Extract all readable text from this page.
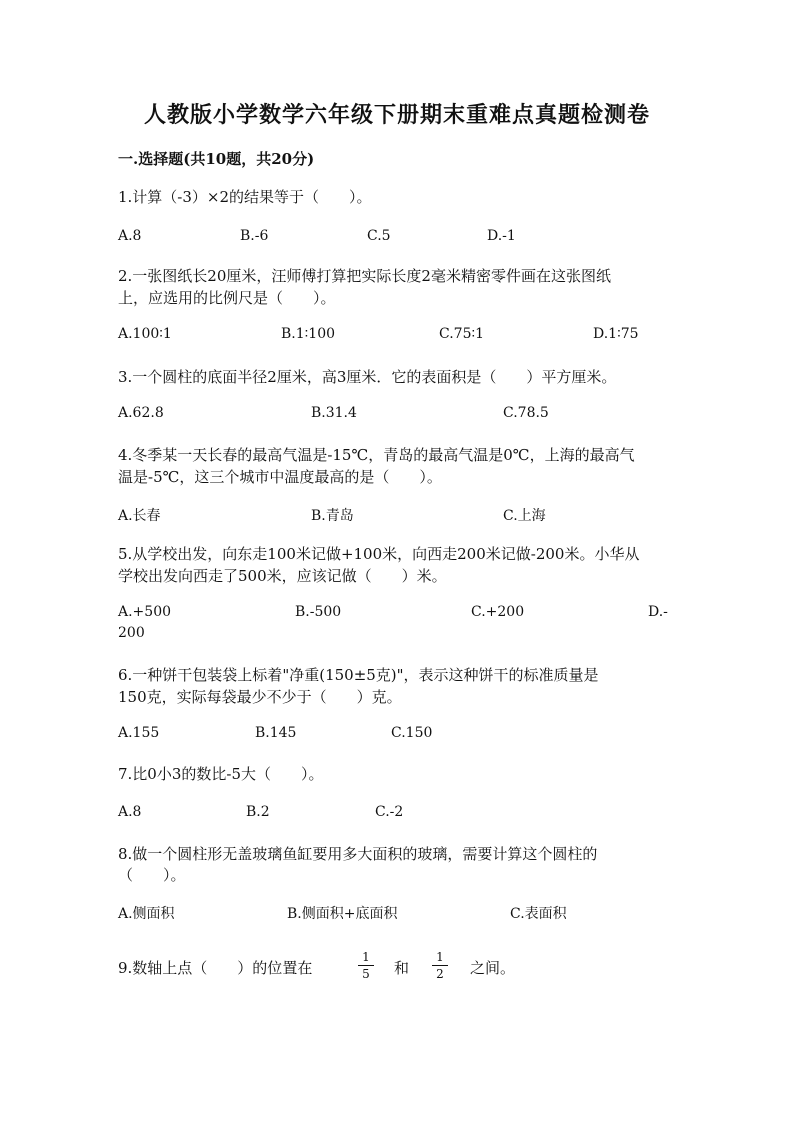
人教版小学数学六年级下册期末重难点真题检测卷
一.选择题(共10题，共20分)
1.计算（-3）×2的结果等于（　　）。
A.8	B.-6	C.5	D.-1
2.一张图纸长20厘米，汪师傅打算把实际长度2毫米精密零件画在这张图纸
上，应选用的比例尺是（　　）。
A.100∶1	B.1∶100	C.75∶1	D.1∶75
3.一个圆柱的底面半径2厘米，高3厘米．它的表面积是（　　）平方厘米。
A.62.8	B.31.4	C.78.5
4.冬季某一天长春的最高气温是-15℃，青岛的最高气温是0℃，上海的最高气
温是-5℃，这三个城市中温度最高的是（　　）。
A.长春	B.青岛	C.上海
5.从学校出发，向东走100米记做+100米，向西走200米记做-200米。小华从
学校出发向西走了500米，应该记做（　　）米。
A.+500	B.-500	C.+200	D.-
200
6.一种饼干包装袋上标着"净重(150±5克)"，表示这种饼干的标准质量是
150克，实际每袋最少不少于（　　）克。
A.155	B.145	C.150
7.比0小3的数比-5大（　　）。
A.8	B.2	C.-2
8.做一个圆柱形无盖玻璃鱼缸要用多大面积的玻璃，需要计算这个圆柱的
（　　）。
A.侧面积	B.侧面积+底面积	C.表面积
9.数轴上点（　　）的位置在	$\frac{1}{5}$ 和 $\frac{1}{2}$ 之间。
